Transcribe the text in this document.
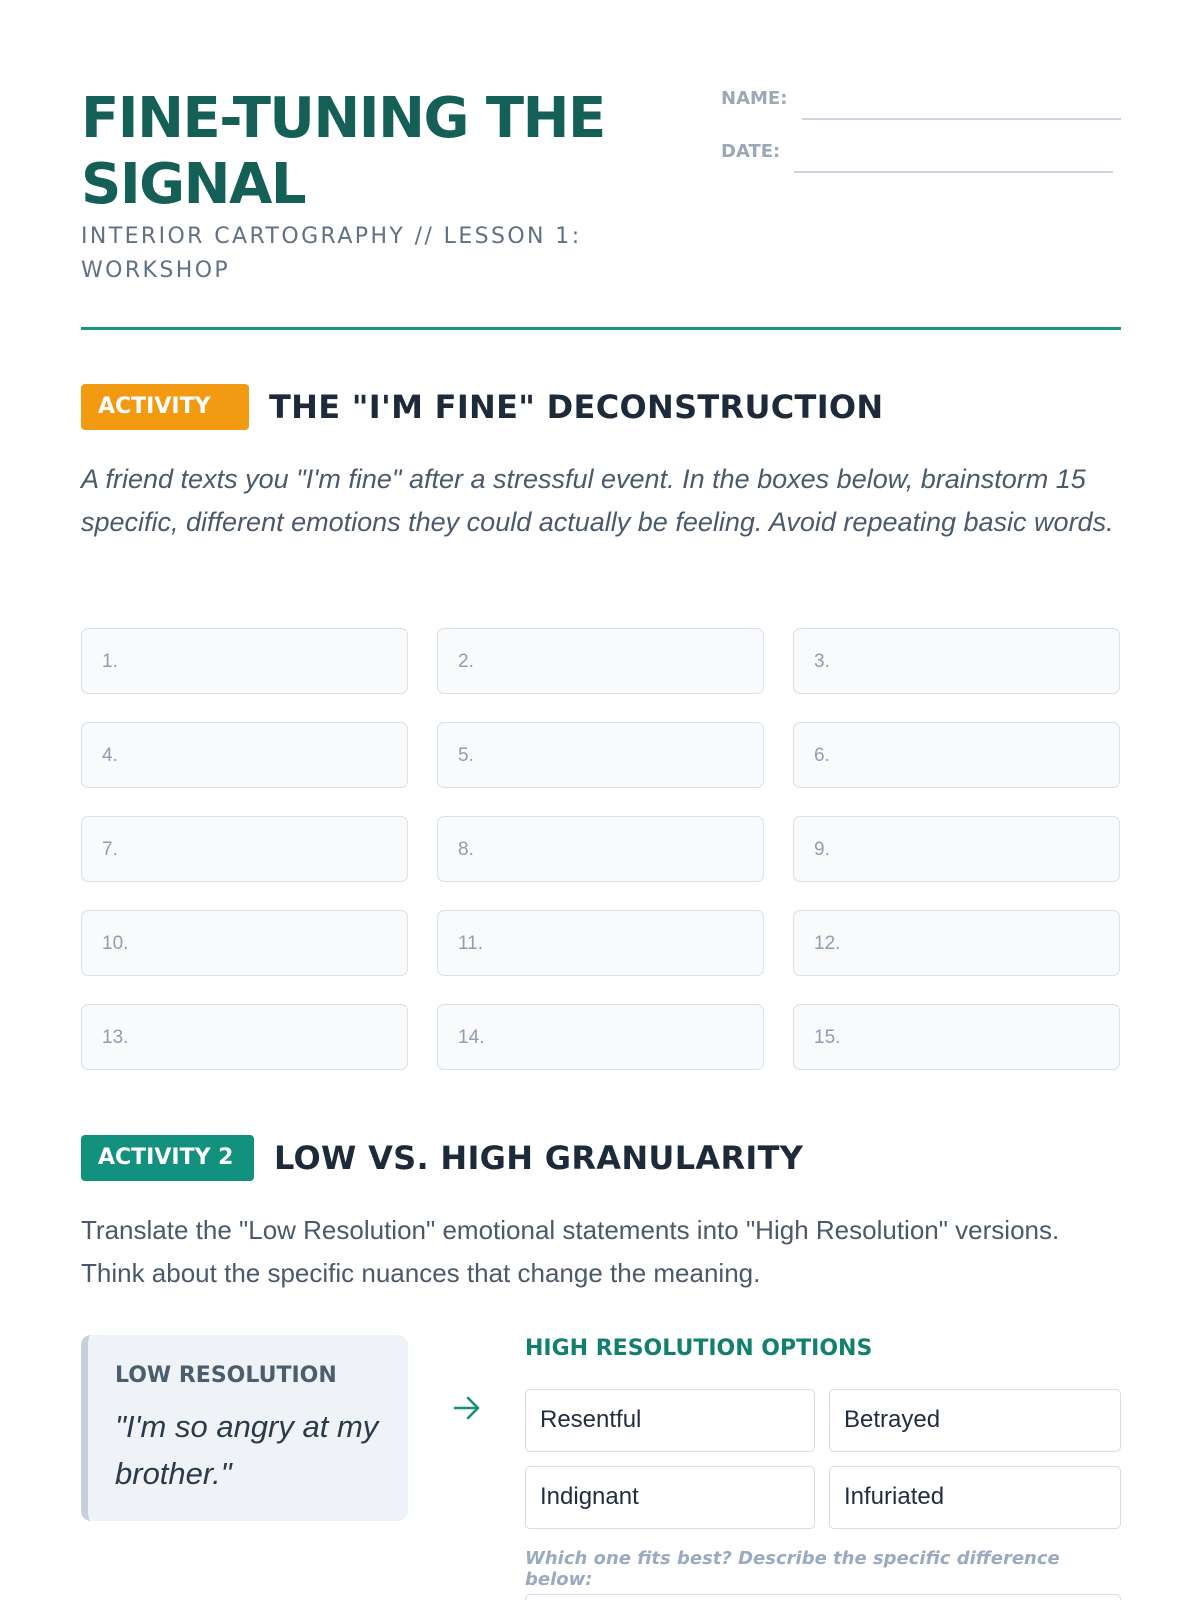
FINE-TUNING THE SIGNAL
INTERIOR CARTOGRAPHY // LESSON 1: WORKSHOP
NAME:
DATE:
ACTIVITY 1
THE "I'M FINE" DECONSTRUCTION

A friend texts you "I'm fine" after a stressful event. In the boxes below, brainstorm 15 specific, different emotions they could actually be feeling. Avoid repeating basic words.

1.	2.	3.
4.	5.	6.
7.	8.	9.
10.	11.	12.
13.	14.	15.
ACTIVITY 2	LOW VS. HIGH GRANULARITY

Translate the "Low Resolution" emotional statements into "High Resolution" versions. Think about the specific nuances that change the meaning.

LOW RESOLUTION
"I'm so angry at my brother."
HIGH RESOLUTION OPTIONS
Resentful	Betrayed
Indignant	Infuriated
Which one fits best? Describe the specific difference below:
